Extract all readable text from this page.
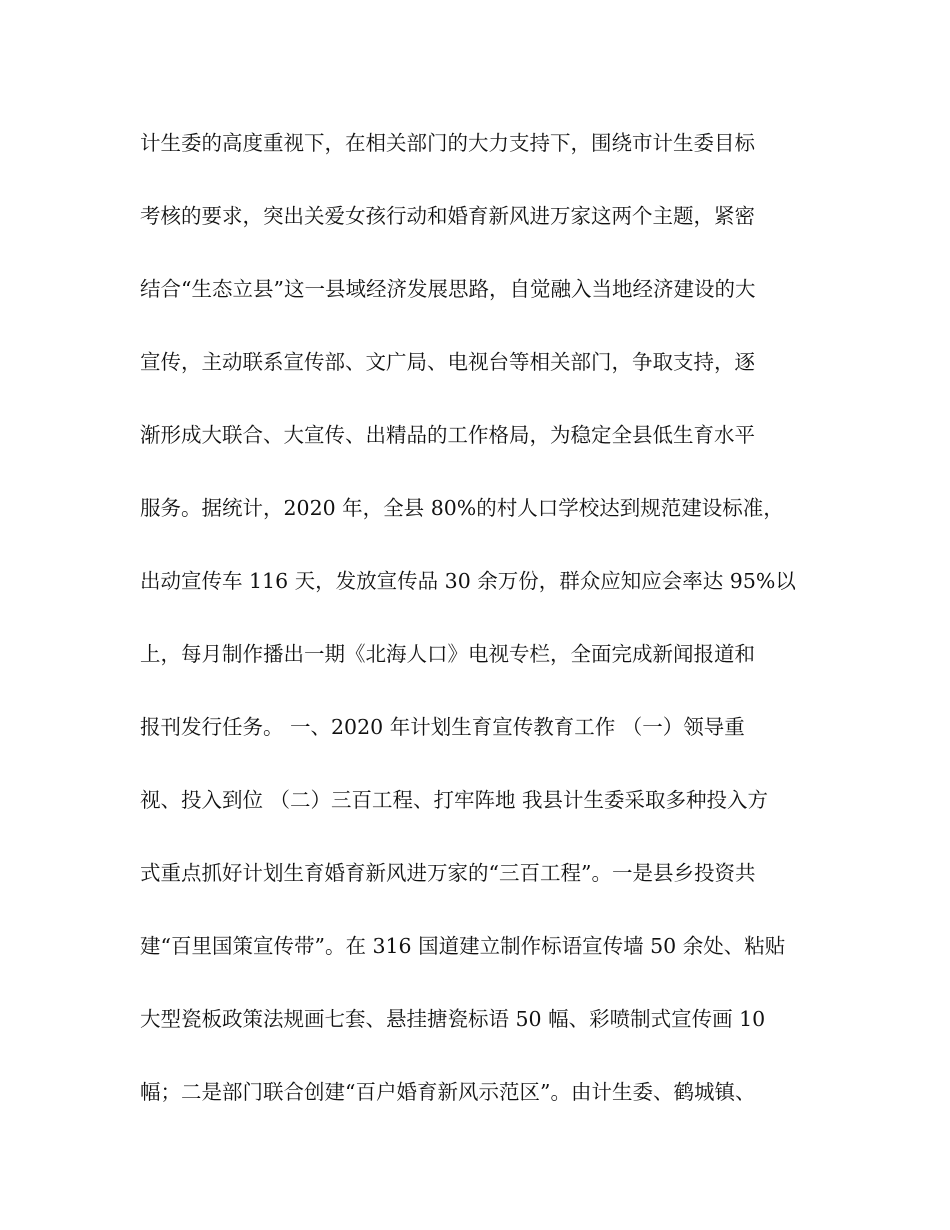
计生委的高度重视下，在相关部门的大力支持下，围绕市计生委目标
考核的要求，突出关爱女孩行动和婚育新风进万家这两个主题，紧密
结合“生态立县”这一县域经济发展思路，自觉融入当地经济建设的大
宣传，主动联系宣传部、文广局、电视台等相关部门，争取支持，逐
渐形成大联合、大宣传、出精品的工作格局，为稳定全县低生育水平
服务。据统计，2020 年，全县 80%的村人口学校达到规范建设标准，
出动宣传车 116 天，发放宣传品 30 余万份，群众应知应会率达 95%以
上，每月制作播出一期《北海人口》电视专栏，全面完成新闻报道和
报刊发行任务。 一、2020 年计划生育宣传教育工作 （一）领导重
视、投入到位 （二）三百工程、打牢阵地 我县计生委采取多种投入方
式重点抓好计划生育婚育新风进万家的“三百工程”。一是县乡投资共
建“百里国策宣传带”。在 316 国道建立制作标语宣传墙 50 余处、粘贴
大型瓷板政策法规画七套、悬挂搪瓷标语 50 幅、彩喷制式宣传画 10
幅；二是部门联合创建“百户婚育新风示范区”。由计生委、鹤城镇、
